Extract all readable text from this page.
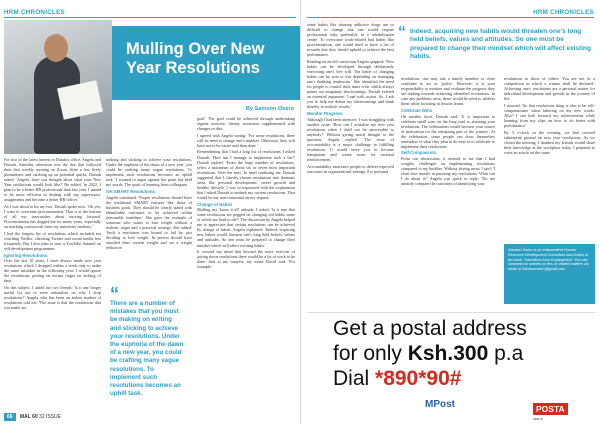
HRM CHRONICLES
Mulling Over New Year Resolutions
By Samson Osero

For two of the latest interns in Dandu's office, Angela and Dassab, Saturday afternoon was the day that followed their first weekly meeting on Zoom. After a few lively pleasantries and catching up on potential quirks, Dassab asked: 'Angela, have you thought about what your New Year resolutions would look like?' He added, 'in 2022, I plan to be a better HR professional than last year. I intend to be more efficient in dealing with my supervisors' assignments and become a better HR officer.'

As I was about to hit my two, Dassab spoke next. 'Oh yes, I want to overcome procrastination. That is at the bottom of all my insecurities about moving forward. Procrastination has dogged me for many years, especially on marking coursework from my university students.'

I had the longest list of resolutions which included not watching Netflix, checking Twitter and social media less frequently. But I also plan to start a YouTube channel on self-development programmes.

Ignoring Resolutions

Over the last 10 years, I have always made new year resolutions which I dropped within a week only to make the same mistakes in the following year. I would ignore the resolutions, putting an excuse finger on lacking of time.

On this subject, I asked my two friends: 'Is it any longer useful for me to even rationalize on why I drop resolutions?' Angela who has been an ardent student of resolutions told me: 'The issue is that the resolutions that you make are

nothing and sticking to achieve your resolutions. Under the euphoria of the dawn of a new year, you could be crafting many vague resolutions. To implement such resolutions becomes an uphill task.' I wanted to argue against her point but held my words. The spirit of learning from colleagues.

Set SMART Resolutions

Angela continued: 'Proper resolutions should have the traditional SMART features like those of business goals. They should be clearly stated with identifiable outcomes to be achieved within reasonable timelines.' She gave the example of someone who wants to lose weight without a realistic target and a practical strategy. She added: 'Such a resolution was bound to fail by just deciding to lose weight. In person should have attached their current weight and set a weight reduction

“
There are a number of mistakes that you must be making on writing and sticking to achieve your resolutions. Under the euphoria of the dawn of a new year, you could be crafting many vague resolutions. To implement such resolutions becomes an uphill task.

goal.' The goal could be achieved through undertaking regular exercise, dietary restriction supplemented with changes in diet.

I agreed with Angela saying: 'For some resolutions, there will be need to change one's mindset. Otherwise, they will have not to be easier said than done.'

Remembering that I had a long list of resolutions, I asked Dassab: 'How am I manage to implement such a list?' Dassab replied: 'From the large number of resolutions, select a maximum of about six or seven most important resolutions. Over the next.' In need confusing me, Dassab suggested that I classify chosen resolutions into thematic areas like personal development, career growth and healthy lifestyle. I was so impressed with the explanation that I asked Dassab to embark my current resolutions. That would be my non-committal on my request.

Change of Habits

Mulling my 'know it all' attitude, I asked: 'Is it true that some resolutions are pegged on changing old habits some of which are hard to die?' The discussion by Angela helped me to appreciate that certain resolutions can be achieved by change of habits. Angela explained: 'Indeed, acquiring new habits would threaten one's long held beliefs, values and attitudes. So one must be prepared to change their mindset which will affect existing habits.'

It crossed my mind that beyond the mere exercise of jotting down resolutions there would be a lot of work to be done. And to my surprise, my mind. David said: 'For example,

66 MAL 60 32 ISSUE
HRM CHRONICLES

some habits like abusing addictive drugs are so difficult to change that one would require professional help preferably at a rehabilitation centre. To overcome work-related bad habits like procrastination, one would need to have a list of rewards that they should uphold to achieve the best performance.

Reading on an old conviction Angela quipped: 'New habits can be developed through deliberately exercising one's free will. The battle of changing habits can be won or lost depending on managing one's thinking tendencies.' She identified the need for people to control their inner critic which always points out imaginary shortcomings. Dassab exerted an essential argument: 'Lead with action. So, I ask you to help me define my shortcomings and think thereby in realistic results.'

Monitor Progress

Although I had been attentive, I was struggling with another issue: 'How can I actualize my new year resolutions when I shall not be answerable to anybody?' Without giving much thought to the question, Angela replied: 'The issue of accountability is a major challenge in fulfilling resolutions. It would serve you to become transparent and create room for external reinforcement.'

Accountability motivates people to deliver expected outcomes in organisational settings. For personal

“ Indeed, acquiring new habits would threaten one's long held beliefs, values and attitudes. So one must be prepared to change their mindset which will affect existing habits.

resolutions, one may ask a family member or close confidant to act as 'police'. However, it is your responsibility to monitor and evaluate the progress they are making towards achieving identified resolutions. In case any problems arise, there would be need to address them while factoring in lessons learnt.

Celebrate Wins

On another facet, Dassab said: 'It is important to celebrate small wins on the long road to attaining your resolutions. The celebrations would become your source of motivation for the remaining part of the journey.' At the celebration, some people can draw themselves reminders of what they plan to do next or to celebrate to implement their resolutions.

Self-Compassion

From our discussions, it seemed to me that I had weighty challenges on implementing resolutions compared to my buddies. Without shying away, I said: 'I often lose morale in pursuing my resolutions. What can I do about it?' Angela was quick to reply: 'Do not unfairly compare the outcomes of identifying your

resolutions to those of others. You are not in a competition in which a winner shall be declared.' Achieving one's resolutions are a personal matter for individual development and growth in the journey of life.

I retorted: 'So that resolutions thing is also to be self-compassionate when faltering on my new words. Also? I can look forward my achievements while learning from my slips on how to do better with performance.'

By 5 o'clock in the evening, we had covered substantial ground on new year resolutions. As we closed the meeting, I thanked my friends would share their knowledge at the workplace today. I prepared to write an article on the same.

Samson Osero is an Independent Human Resource Development Consultant and Author of the book 'Transitions from Employment'. You can comment on articles on this or related matters via email at Samsonosero@gmail.com
Get a postal address
for only Ksh.300 p.a
Dial *890*90#
MPost	POSTA
KENYA
